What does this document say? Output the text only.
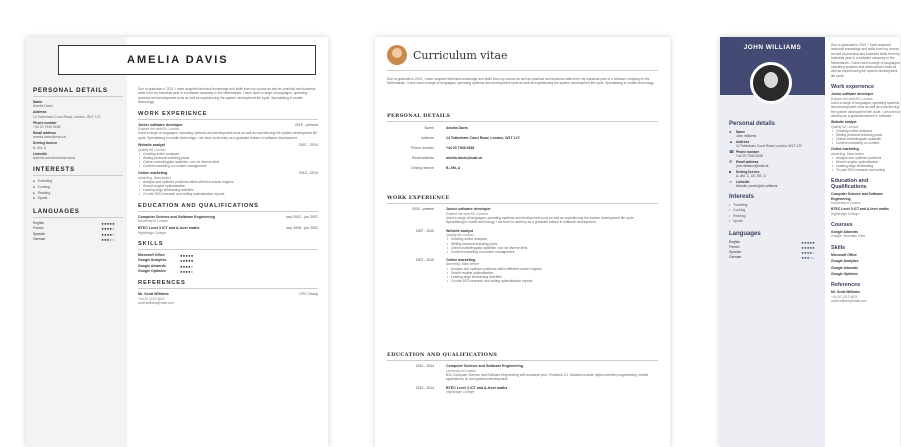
AMELIA DAVIS
PERSONAL DETAILS
Name
Amelia Davis
Address
14 Tottenham Court Road, London, W1T 1JY
Phone number
+44 20 7946 0638
Email address
amelia.davis@mail.uk
Driving licence
B, AM, A
LinkedIn
linkedin.com/in/amelia.davis
INTERESTS
■ Travelling
■ Cooking
■ Reading
■ Sports
LANGUAGES
English	●●●●●
French	●●●●○
Spanish	●●●●○
German	●●●○○
Due to graduate in 2021, I have acquired technical knowledge and skills from my course as well as practical and business skills from my industrial year in a software company in the Netherlands. I have used a range of languages, operating systems and development tools as well as experiencing the system development life cycle. Specialising in mobile technology.
WORK EXPERIENCE
Junior software developer	2015 - present
Explore the web BV, London
Used a range of languages, operating systems and development tools as well as experiencing the system development life cycle. Specialising in mobile technology. I am keen to develop as a graduate trainee in software development.
Website analyst	2007 - 2010
Quality ltd, London
• Creating online analyses
• Writing personal branding plans
• Online marketingplan opstellen voor de diverse titels
• Content marketing on content management
Online marketing	2015 - 2015
Adverting, Manchester
• Analyse and optimize positions within different search engines
• Search engine optimalisation
• Leading large linkbuilding activities
• On-site SEO research and writing optimalisation reports
EDUCATION AND QUALIFICATIONS
Computer Science and Software Engineering	sep 2002 - jun 2007
University of London
BTEC Level 3 ICT and A-level maths	sep 1998 - jun 2002
Highbridge College
SKILLS
Microsoft Office	●●●●●
Google Analytics	●●●●●
Google Adwords	●●●●○
Google Optimize	●●●●○
REFERENCES
Mr. Scott Williams	CPC Group
+44 20 1212 4621
scott.williams@mail.com
Curriculum vitae
Due to graduate in 2021, I have acquired technical knowledge and skills from my course as well as practical and business skills from my industrial year in a software company in the Netherlands. I have used a range of languages, operating systems and development tools as well as experiencing the system development life cycle. Specialising in mobile technology.
PERSONAL DETAILS
Name	Amelia Davis
Address	14 Tottenham Court Road, London, W1T 1JY
Phone number	+44 20 7946 0638
Email address	amelia.davis@mail.uk
Driving licence	B, AM, A
WORK EXPERIENCE
2015 - present	Junior software developer
Explore the web BV, London
Used a range of languages, operating systems and development tools as well as experiencing the system development life cycle. Specialising in mobile technology. I am keen to develop as a graduate trainee in software development.
2007 - 2010	Website analyst
Quality ltd, London
• Creating online analyses
• Writing personal branding plans
• Online marketingplan opstellen voor de diverse titels
• Content marketing on content management
2007 - 2010	Online marketing
Adverting, Manchester
• Analyse and optimize positions within different search engines
• Search engine optimalisation
• Leading large linkbuilding activities
• On-site SEO research and writing optimalisation reports
EDUCATION AND QUALIFICATIONS
2012 - 2014	Computer Science and Software Engineering
University of London
BSc Computer Science and Software Engineering with industrial year. Predicted 2:1. Modules include object oriented programming, mobile applications, AI and systems development.
2012 - 2014	BTEC Level 3 ICT and A-level maths
Highbridge College
JOHN WILLIAMS
Personal details
●	Name
John Williams
▲ Address
14 Tottenham Court Road, London, W1T 1JY
☎ Phone number
+44 20 7946 0638
✉	Email address
john.williams@mail.uk
■	Driving licence
A, AM, C, CE, BE, D
∞	LinkedIn
linkedin.com/in/john.williams
Interests
• Travelling
• Cooking
• Reading
• Sports
Languages
English	●●●●●
French	●●●●●
Spanish	●●●●○
German	●●●○○
Due to graduate in 2021, I have acquired technical knowledge and skills from my course as well as practical and business skills from my industrial year in a software company in the Netherlands. I have used a range of languages, operating systems and development tools as well as experiencing the system development life cycle.
Work experience
Junior software developer
Explore the web BV, London
Used a range of languages, operating systems and development tools as well as experiencing the system development life cycle. I am keen to develop as a graduate trainee in software.
Website analyst
Quality ltd, London
• Creating online analyses
• Writing personal branding plans
• Online marketingplan opstellen
• Content marketing on content
Online marketing
Adverting, Manchester
• Analyse and optimize positions
• Search engine optimalisation
• Leading large linkbuilding
• On-site SEO research and writing
Education and Qualifications
Computer Science and Software Engineering
University of London
BTEC Level 3 ICT and A-level maths
Highbridge College
Courses
Google Adwords
Google, Mountain View
Skills
Microsoft Office
Google Analytics
Google Adwords
Google Optimize
References
Mr. Scott Williams
+44 20 1212 4621
scott.williams@mail.com
